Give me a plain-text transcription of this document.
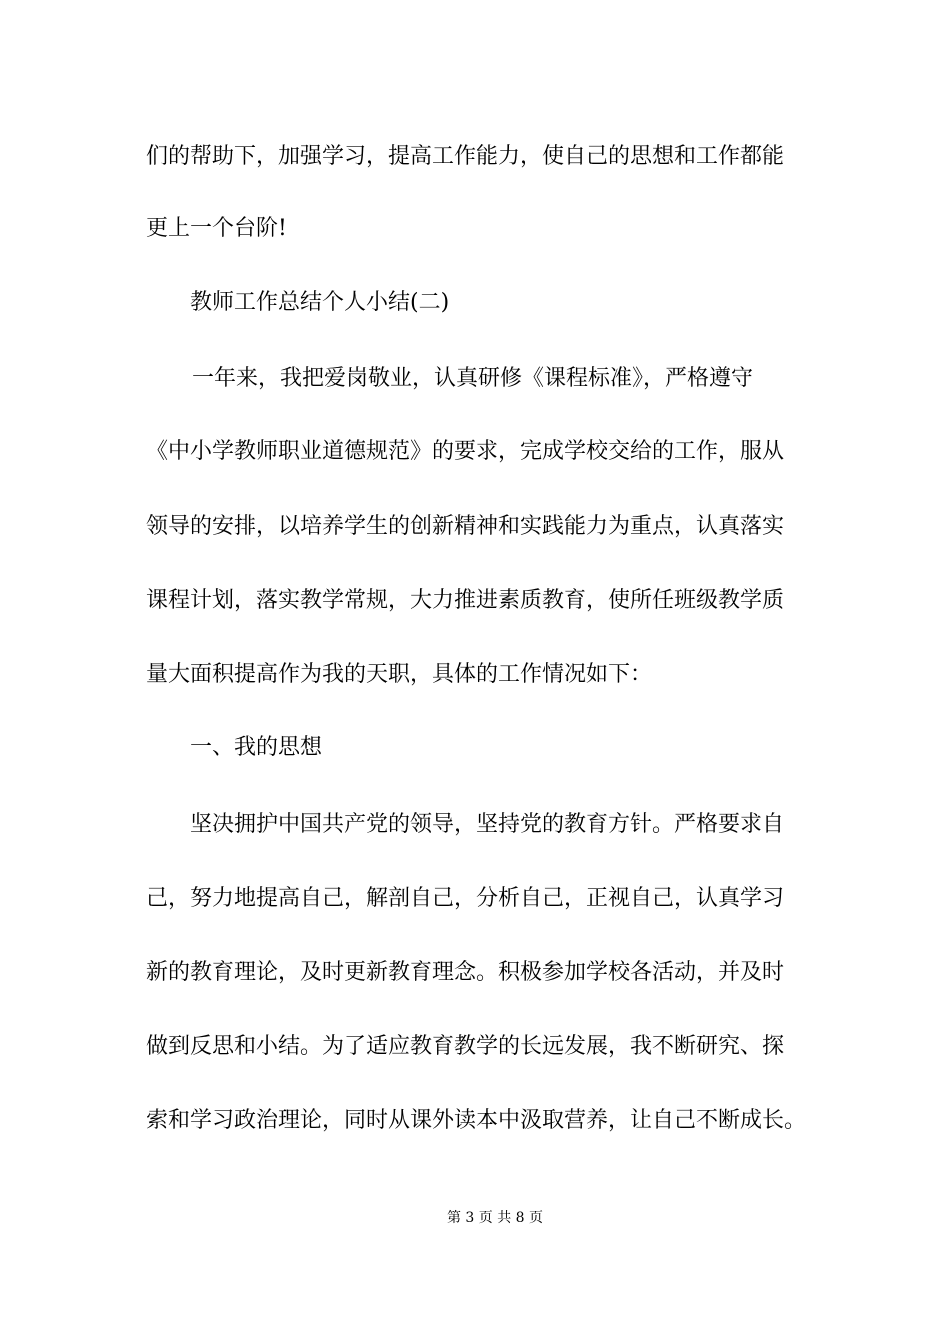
们的帮助下，加强学习，提高工作能力，使自己的思想和工作都能
更上一个台阶!
教师工作总结个人小结(二)
一年来，我把爱岗敬业，认真研修《课程标准》，严格遵守
《中小学教师职业道德规范》的要求，完成学校交给的工作，服从
领导的安排，以培养学生的创新精神和实践能力为重点，认真落实
课程计划，落实教学常规，大力推进素质教育，使所任班级教学质
量大面积提高作为我的天职，具体的工作情况如下：
一、我的思想
坚决拥护中国共产党的领导，坚持党的教育方针。严格要求自
己，努力地提高自己，解剖自己，分析自己，正视自己，认真学习
新的教育理论，及时更新教育理念。积极参加学校各活动，并及时
做到反思和小结。为了适应教育教学的长远发展，我不断研究、探
索和学习政治理论，同时从课外读本中汲取营养，让自己不断成长。
第 3 页 共 8 页
